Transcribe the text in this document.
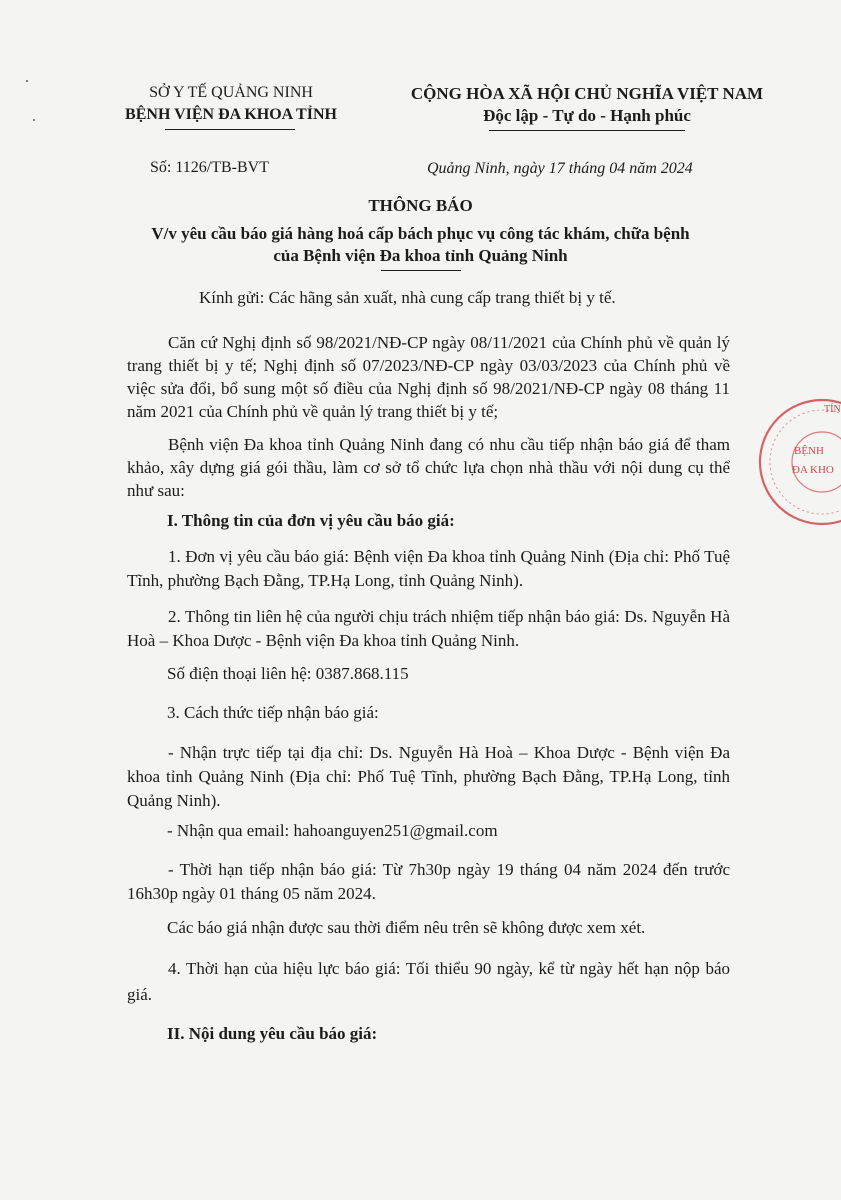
SỞ Y TẾ QUẢNG NINH
BỆNH VIỆN ĐA KHOA TỈNH
CỘNG HÒA XÃ HỘI CHỦ NGHĨA VIỆT NAM
Độc lập - Tự do - Hạnh phúc
Số: 1126/TB-BVT	Quảng Ninh, ngày 17 tháng 04 năm 2024
THÔNG BÁO
V/v yêu cầu báo giá hàng hoá cấp bách phục vụ công tác khám, chữa bệnh
của Bệnh viện Đa khoa tỉnh Quảng Ninh
Kính gửi: Các hãng sản xuất, nhà cung cấp trang thiết bị y tế.
Căn cứ Nghị định số 98/2021/NĐ-CP ngày 08/11/2021 của Chính phủ về quản lý trang thiết bị y tế; Nghị định số 07/2023/NĐ-CP ngày 03/03/2023 của Chính phủ về việc sửa đổi, bổ sung một số điều của Nghị định số 98/2021/NĐ-CP ngày 08 tháng 11 năm 2021 của Chính phủ về quản lý trang thiết bị y tế;
Bệnh viện Đa khoa tỉnh Quảng Ninh đang có nhu cầu tiếp nhận báo giá để tham khảo, xây dựng giá gói thầu, làm cơ sở tổ chức lựa chọn nhà thầu với nội dung cụ thể như sau:
I. Thông tin của đơn vị yêu cầu báo giá:
1. Đơn vị yêu cầu báo giá: Bệnh viện Đa khoa tỉnh Quảng Ninh (Địa chỉ: Phố Tuệ Tĩnh, phường Bạch Đằng, TP.Hạ Long, tỉnh Quảng Ninh).
2. Thông tin liên hệ của người chịu trách nhiệm tiếp nhận báo giá: Ds. Nguyễn Hà Hoà – Khoa Dược - Bệnh viện Đa khoa tỉnh Quảng Ninh.
Số điện thoại liên hệ: 0387.868.115
3. Cách thức tiếp nhận báo giá:
- Nhận trực tiếp tại địa chỉ: Ds. Nguyễn Hà Hoà – Khoa Dược - Bệnh viện Đa khoa tỉnh Quảng Ninh (Địa chỉ: Phố Tuệ Tĩnh, phường Bạch Đằng, TP.Hạ Long, tỉnh Quảng Ninh).
- Nhận qua email: hahoanguyen251@gmail.com
- Thời hạn tiếp nhận báo giá: Từ 7h30p ngày 19 tháng 04 năm 2024 đến trước 16h30p ngày 01 tháng 05 năm 2024.
Các báo giá nhận được sau thời điểm nêu trên sẽ không được xem xét.
4. Thời hạn của hiệu lực báo giá: Tối thiểu 90 ngày, kể từ ngày hết hạn nộp báo giá.
II. Nội dung yêu cầu báo giá:
TỈN
BỆNH
ĐA KHO
